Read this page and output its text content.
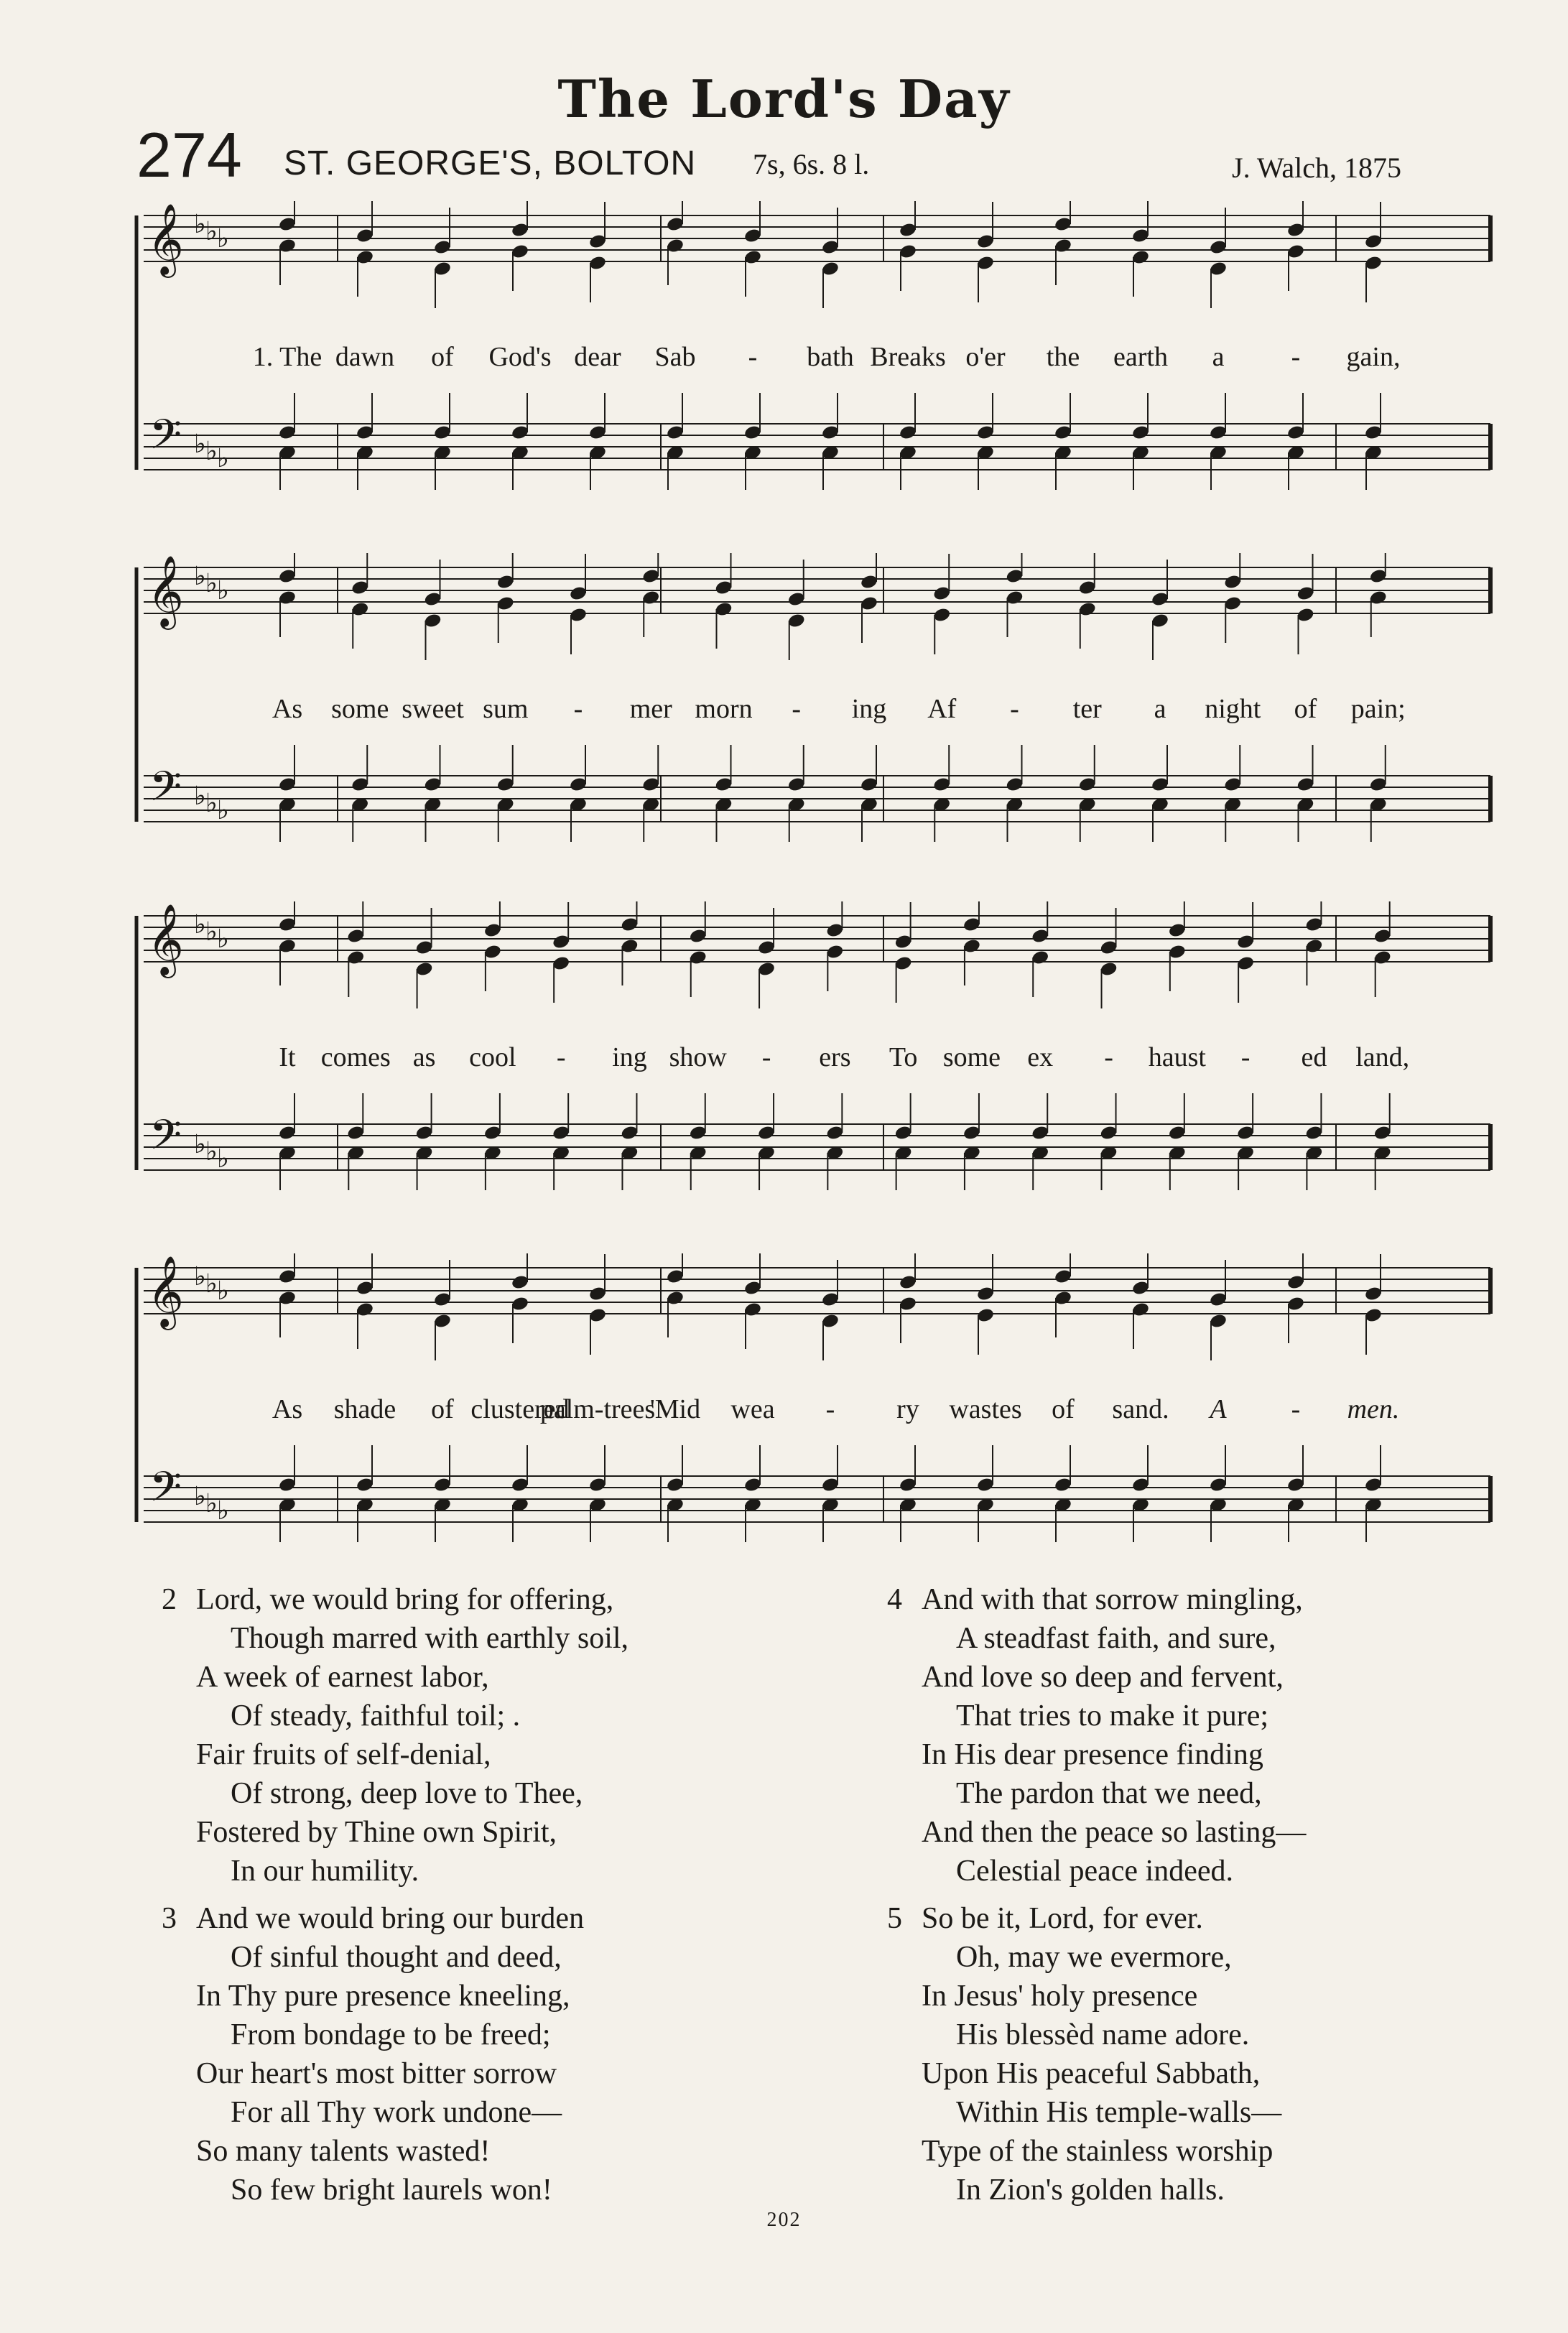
The Lord's Day
274 ST. GEORGE'S, BOLTON 7s, 6s. 8 l.	J. Walch, 1875
𝄞
𝄢
♭
♭
♭
♭
♭
♭
1. The dawn of God's dear Sab - bath Breaks o'er the earth a - gain,
𝄞
𝄢
♭
♭
♭
♭
♭
♭
As some sweet sum - mer morn - ing Af - ter a night of pain;
𝄞
𝄢
♭
♭
♭
♭
♭
♭
It comes as cool - ing show - ers To some ex - haust - ed land,
𝄞
𝄢
♭
♭
♭
♭
♭
♭
As shade of clustered
palm-trees
'Mid wea - ry wastes of sand. A - men.
2 Lord, we would bring for offering,
Though marred with earthly soil,
A week of earnest labor,
Of steady, faithful toil; .
Fair fruits of self-denial,
Of strong, deep love to Thee,
Fostered by Thine own Spirit,
In our humility.
3 And we would bring our burden
Of sinful thought and deed,
In Thy pure presence kneeling,
From bondage to be freed;
Our heart's most bitter sorrow
For all Thy work undone—
So many talents wasted!
So few bright laurels won!
4 And with that sorrow mingling,
A steadfast faith, and sure,
And love so deep and fervent,
That tries to make it pure;
In His dear presence finding
The pardon that we need,
And then the peace so lasting—
Celestial peace indeed.
5 So be it, Lord, for ever.
Oh, may we evermore,
In Jesus' holy presence
His blessèd name adore.
Upon His peaceful Sabbath,
Within His temple-walls—
Type of the stainless worship
In Zion's golden halls.
202
